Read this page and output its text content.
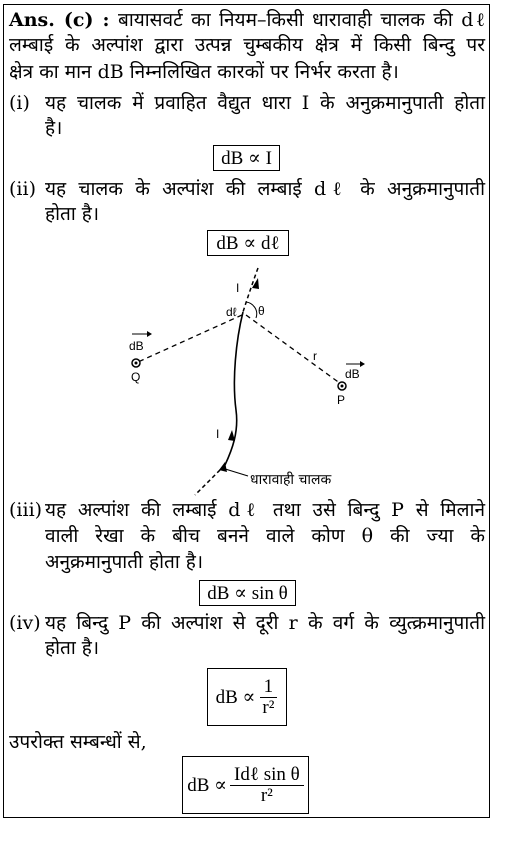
Ans. (c) : बायासवर्ट का नियम–किसी धारावाही चालक की dℓ
लम्बाई के अल्पांश द्वारा उत्पन्न चुम्बकीय क्षेत्र में किसी बिन्दु पर
क्षेत्र का मान dB निम्नलिखित कारकों पर निर्भर करता है।
(i) यह चालक में प्रवाहित वैद्युत धारा I के अनुक्रमानुपाती होता
है।
dB ∝ I
(ii) यह चालक के अल्पांश की लम्बाई dℓ के अनुक्रमानुपाती
होता है।
dB ∝ dℓ
I
dℓ θ
r
dB
Q	dB
P
I
धारावाही चालक
(iii) यह अल्पांश की लम्बाई dℓ तथा उसे बिन्दु P से मिलाने
वाली रेखा के बीच बनने वाले कोण θ की ज्या के
अनुक्रमानुपाती होता है।
dB ∝ sin θ
(iv) यह बिन्दु P की अल्पांश से दूरी r के वर्ग के व्युत्क्रमानुपाती
होता है।
dB ∝ $\frac{1}{\text{r²}}$
उपरोक्त सम्बन्धों से,
dB ∝ $\frac{\text{Idℓ sin θ}}{\text{r²}}$
